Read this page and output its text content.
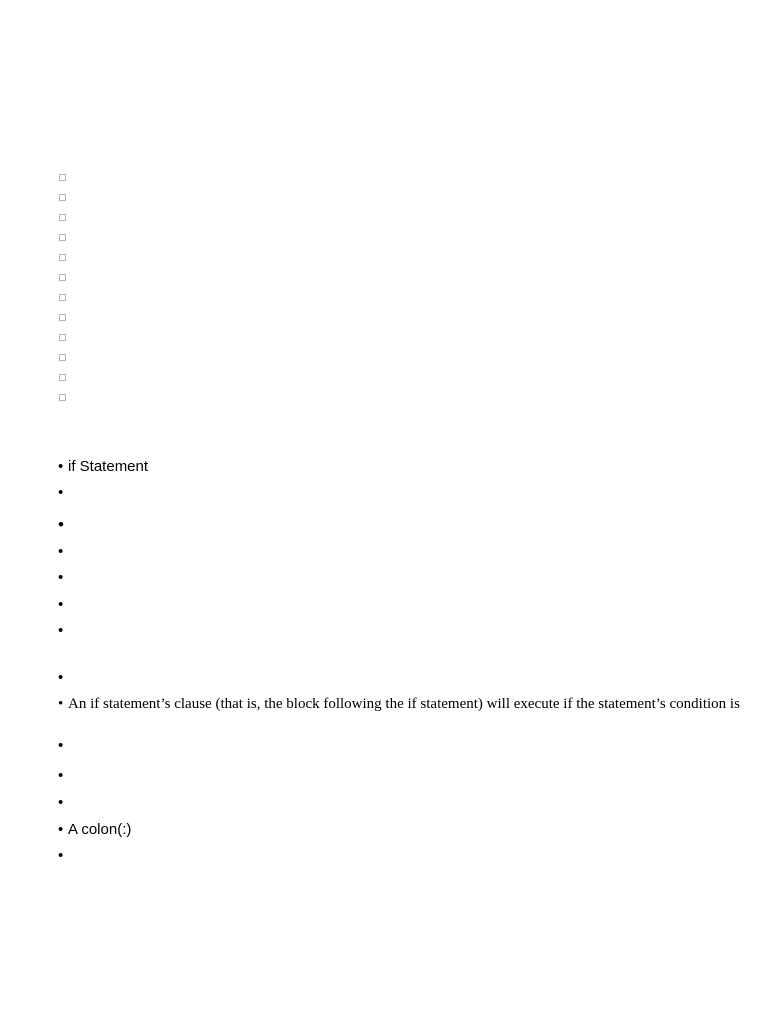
• if Statement
•
•
•
•
•
•
•
• An if statement’s clause (that is, the block following the if statement) will execute if the statement’s condition is
•
•
•
• A colon(:)
•
